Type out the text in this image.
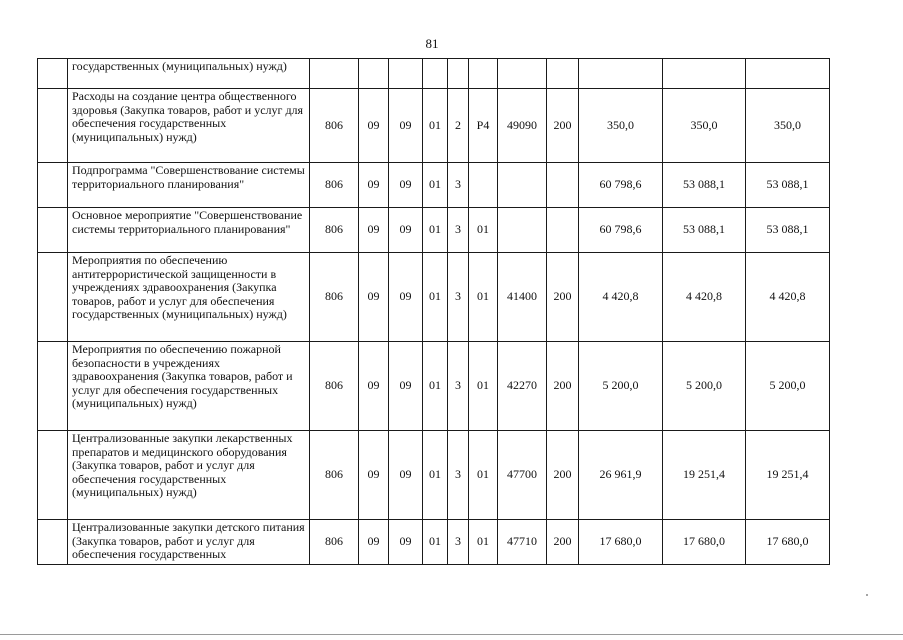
81
	государственных (муниципальных) нужд)											
	Расходы на создание центра общественного здоровья (Закупка товаров, работ и услуг для обеспечения государственных (муниципальных) нужд)	806	09	09	01	2	Р4	49090	200	350,0	350,0	350,0
	Подпрограмма "Совершенствование системы территориального планирования"	806	09	09	01	3				60 798,6	53 088,1	53 088,1
	Основное мероприятие "Совершенствование системы территориального планирования"	806	09	09	01	3	01			60 798,6	53 088,1	53 088,1
	Мероприятия по обеспечению антитеррористической защищенности в учреждениях здравоохранения (Закупка товаров, работ и услуг для обеспечения государственных (муниципальных) нужд)	806	09	09	01	3	01	41400	200	4 420,8	4 420,8	4 420,8
	Мероприятия по обеспечению пожарной безопасности в учреждениях здравоохранения (Закупка товаров, работ и услуг для обеспечения государственных (муниципальных) нужд)	806	09	09	01	3	01	42270	200	5 200,0	5 200,0	5 200,0
	Централизованные закупки лекарственных препаратов и медицинского оборудования (Закупка товаров, работ и услуг для обеспечения государственных (муниципальных) нужд)	806	09	09	01	3	01	47700	200	26 961,9	19 251,4	19 251,4
	Централизованные закупки детского питания (Закупка товаров, работ и услуг для обеспечения государственных	806	09	09	01	3	01	47710	200	17 680,0	17 680,0	17 680,0
